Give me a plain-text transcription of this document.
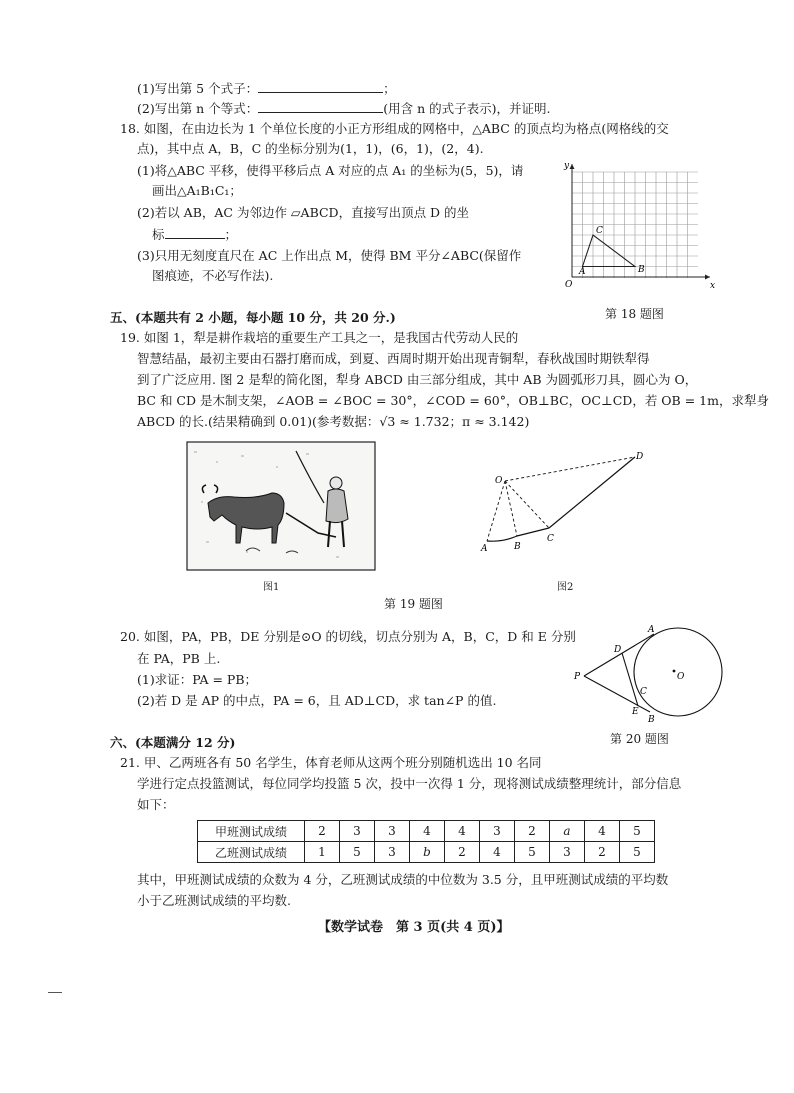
(1)写出第 5 个式子：	；
(2)写出第 n 个等式：	(用含 n 的式子表示)，并证明.
18. 如图，在由边长为 1 个单位长度的小正方形组成的网格中，△ABC 的顶点均为格点(网格线的交
点)，其中点 A，B，C 的坐标分别为(1，1)，(6，1)，(2，4).
(1)将△ABC 平移，使得平移后点 A 对应的点 A₁ 的坐标为(5，5)，请
画出△A₁B₁C₁；
(2)若以 AB，AC 为邻边作 ▱ABCD，直接写出顶点 D 的坐
标	；
(3)只用无刻度直尺在 AC 上作出点 M，使得 BM 平分∠ABC(保留作
图痕迹，不必写作法).
y
x
O
A	B
C
第 18 题图
五、(本题共有 2 小题，每小题 10 分，共 20 分.)
19. 如图 1，犁是耕作栽培的重要生产工具之一，是我国古代劳动人民的
智慧结晶，最初主要由石器打磨而成，到夏、西周时期开始出现青铜犁，春秋战国时期铁犁得
到了广泛应用. 图 2 是犁的简化图，犁身 ABCD 由三部分组成，其中 AB 为圆弧形刀具，圆心为 O，
BC 和 CD 是木制支架，∠AOB = ∠BOC = 30°，∠COD = 60°，OB⊥BC，OC⊥CD，若 OB = 1m，求犁身
ABCD 的长.(结果精确到 0.01)(参考数据：√3 ≈ 1.732；π ≈ 3.142)
图1
O
A	B
C
D
图2
第 19 题图
20. 如图，PA，PB，DE 分别是⊙O 的切线，切点分别为 A，B，C，D 和 E 分别
在 PA，PB 上.
(1)求证：PA = PB；
(2)若 D 是 AP 的中点，PA = 6，且 AD⊥CD，求 tan∠P 的值.
A
D
O
P
C
E
B
第 20 题图
六、(本题满分 12 分)
21. 甲、乙两班各有 50 名学生，体育老师从这两个班分别随机选出 10 名同
学进行定点投篮测试，每位同学均投篮 5 次，投中一次得 1 分，现将测试成绩整理统计，部分信息
如下：
甲班测试成绩	2	3	3	4	4	3	2	a	4	5
乙班测试成绩	1	5	3	b	2	4	5	3	2	5
其中，甲班测试成绩的众数为 4 分，乙班测试成绩的中位数为 3.5 分，且甲班测试成绩的平均数
小于乙班测试成绩的平均数.
【数学试卷　第 3 页(共 4 页)】
